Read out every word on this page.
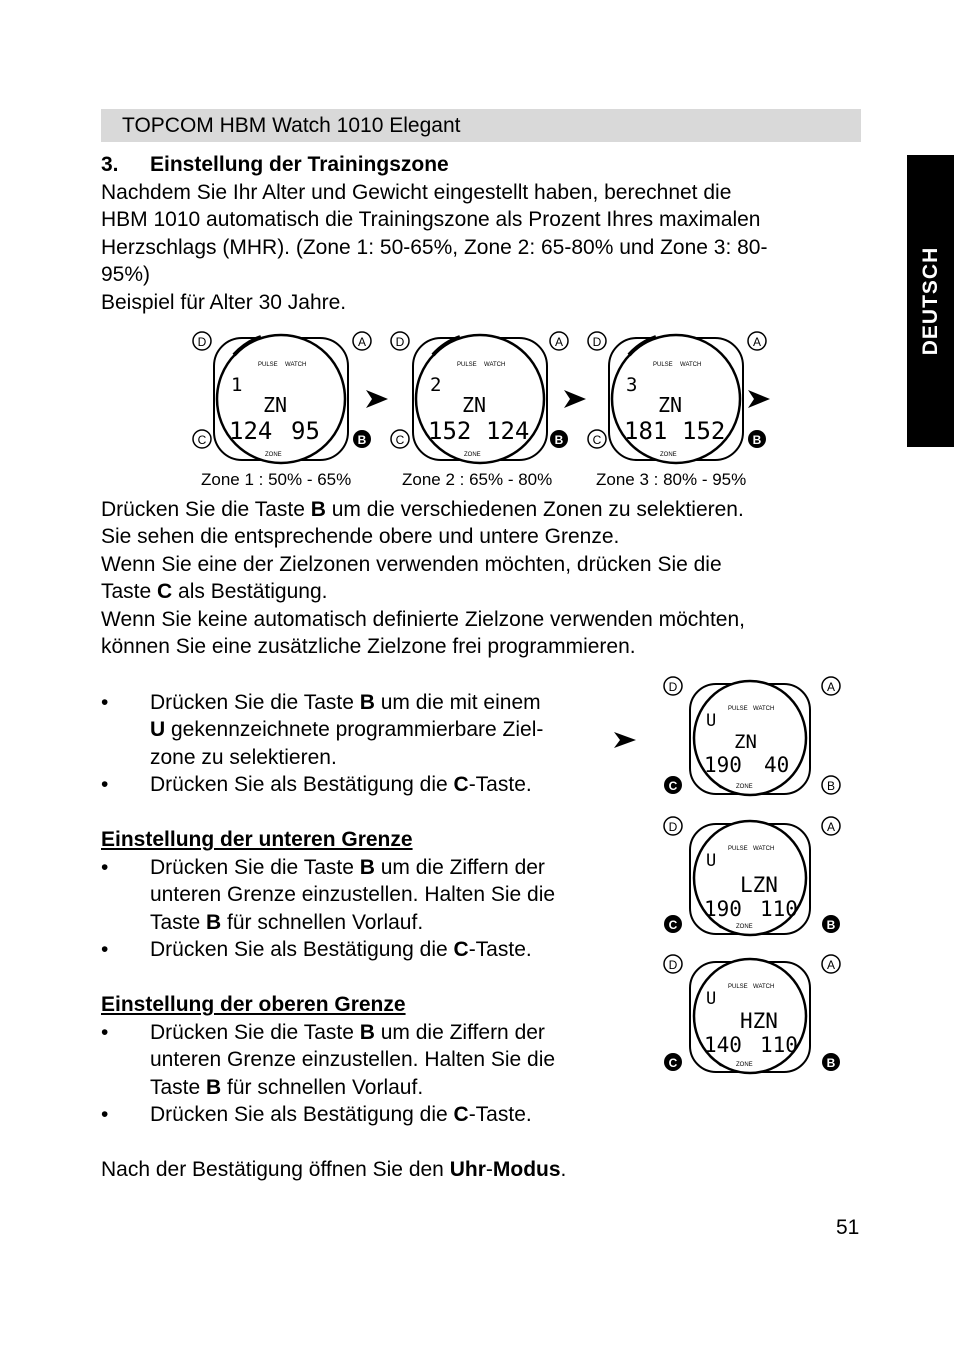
TOPCOM HBM Watch 1010 Elegant
DEUTSCH
3. Einstellung der Trainingszone
Nachdem Sie Ihr Alter und Gewicht eingestellt haben, berechnet die
HBM 1010 automatisch die Trainingszone als Prozent Ihres maximalen
Herzschlags (MHR). (Zone 1: 50-65%, Zone 2: 65-80% und Zone 3: 80-
95%)
Beispiel für Alter 30 Jahre.
PULSE WATCH
1
ZN
124 95
ZONE
PULSE WATCH
2
ZN
152 124
ZONE
PULSE WATCH
3
ZN
181 152
ZONE
D	A
C	B
D	A
C	B
D	A
C	B
Zone 1 : 50% - 65%	Zone 2 : 65% - 80%	Zone 3 : 80% - 95%
Drücken Sie die Taste B um die verschiedenen Zonen zu selektieren.
Sie sehen die entsprechende obere und untere Grenze.
Wenn Sie eine der Zielzonen verwenden möchten, drücken Sie die
Taste C als Bestätigung.
Wenn Sie keine automatisch definierte Zielzone verwenden möchten,
können Sie eine zusätzliche Zielzone frei programmieren.
• Drücken Sie die Taste B um die mit einem
U gekennzeichnete programmierbare Ziel-
zone zu selektieren.
• Drücken Sie als Bestätigung die C-Taste.
Einstellung der unteren Grenze
• Drücken Sie die Taste B um die Ziffern der
unteren Grenze einzustellen. Halten Sie die
Taste B für schnellen Vorlauf.
• Drücken Sie als Bestätigung die C-Taste.
Einstellung der oberen Grenze
• Drücken Sie die Taste B um die Ziffern der
unteren Grenze einzustellen. Halten Sie die
Taste B für schnellen Vorlauf.
• Drücken Sie als Bestätigung die C-Taste.
PULSE WATCH
U
ZN
190 40
ZONE
PULSE WATCH
U
LZN
190 110
ZONE
PULSE WATCH
U
HZN
140 110
ZONE
D	A
C	B
D	A
C	B
D	A
C	B
Nach der Bestätigung öffnen Sie den Uhr-Modus.
51
